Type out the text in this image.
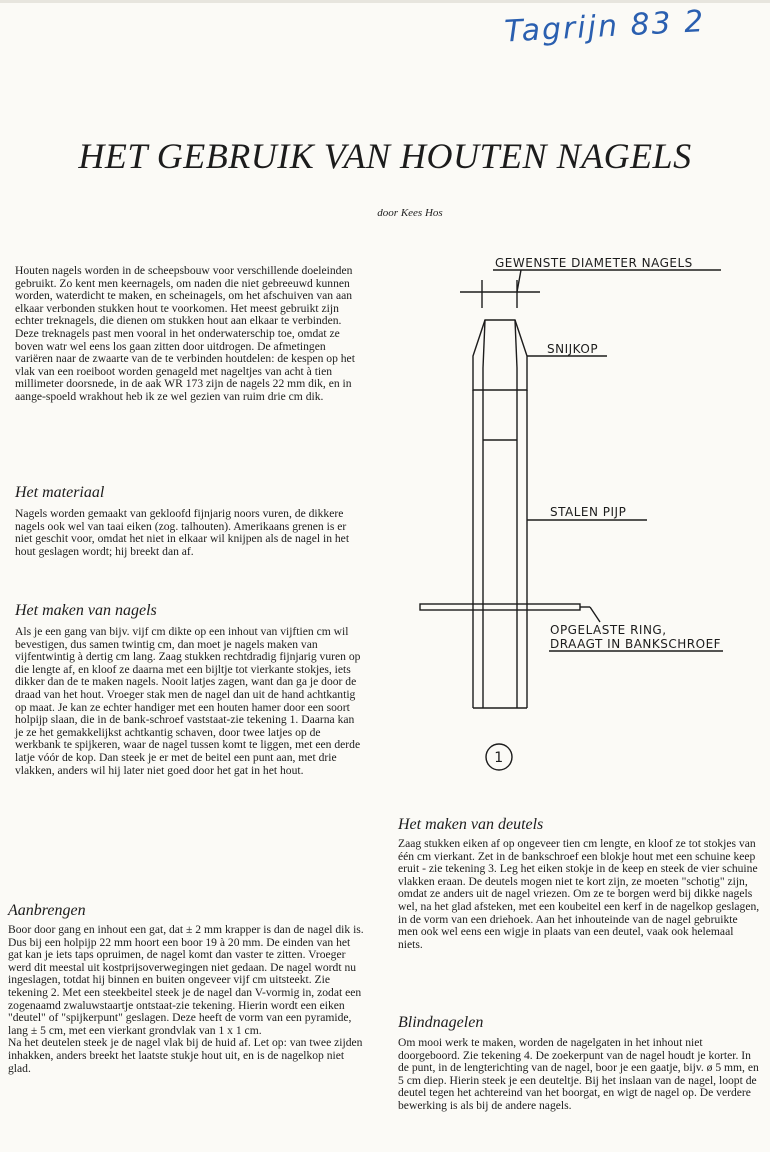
Tagrijn 83 2
HET GEBRUIK VAN HOUTEN NAGELS
door Kees Hos

Houten nagels worden in de scheepsbouw voor verschillende doeleinden gebruikt. Zo kent men keernagels, om naden die niet gebreeuwd kunnen worden, waterdicht te maken, en scheinagels, om het afschuiven van aan elkaar verbonden stukken hout te voorkomen. Het meest gebruikt zijn echter treknagels, die dienen om stukken hout aan elkaar te verbinden.
Deze treknagels past men vooral in het onderwaterschip toe, omdat ze boven watr wel eens los gaan zitten door uitdrogen. De afmetingen variëren naar de zwaarte van de te verbinden houtdelen: de kespen op het vlak van een roeiboot worden genageld met nageltjes van acht à tien millimeter doorsnede, in de aak WR 173 zijn de nagels 22 mm dik, en in aange-spoeld wrakhout heb ik ze wel gezien van ruim drie cm dik.

Het materiaal

Nagels worden gemaakt van gekloofd fijnjarig noors vuren, de dikkere nagels ook wel van taai eiken (zog. talhouten). Amerikaans grenen is er niet geschit voor, omdat het niet in elkaar wil knijpen als de nagel in het hout geslagen wordt; hij breekt dan af.

Het maken van nagels

Als je een gang van bijv. vijf cm dikte op een inhout van vijftien cm wil bevestigen, dus samen twintig cm, dan moet je nagels maken van vijfentwintig à dertig cm lang. Zaag stukken rechtdradig fijnjarig vuren op die lengte af, en kloof ze daarna met een bijltje tot vierkante stokjes, iets dikker dan de te maken nagels. Nooit latjes zagen, want dan ga je door de draad van het hout. Vroeger stak men de nagel dan uit de hand achtkantig op maat. Je kan ze echter handiger met een houten hamer door een soort holpijp slaan, die in de bank-schroef vaststaat-zie tekening 1. Daarna kan je ze het gemakkelijkst achtkantig schaven, door twee latjes op de werkbank te spijkeren, waar de nagel tussen komt te liggen, met een derde latje vóór de kop. Dan steek je er met de beitel een punt aan, met drie vlakken, anders wil hij later niet goed door het gat in het hout.

Aanbrengen

Boor door gang en inhout een gat, dat ± 2 mm krapper is dan de nagel dik is. Dus bij een holpijp 22 mm hoort een boor 19 à 20 mm. De einden van het gat kan je iets taps opruimen, de nagel komt dan vaster te zitten. Vroeger werd dit meestal uit kostprijsoverwegingen niet gedaan. De nagel wordt nu ingeslagen, totdat hij binnen en buiten ongeveer vijf cm uitsteekt. Zie tekening 2. Met een steekbeitel steek je de nagel dan V-vormig in, zodat een zogenaamd zwaluwstaartje ontstaat-zie tekening. Hierin wordt een eiken "deutel" of "spijkerpunt" geslagen. Deze heeft de vorm van een pyramide, lang ± 5 cm, met een vierkant grondvlak van 1 x 1 cm.
Na het deutelen steek je de nagel vlak bij de huid af. Let op: van twee zijden inhakken, anders breekt het laatste stukje hout uit, en is de nagelkop niet glad.

Het maken van deutels

Zaag stukken eiken af op ongeveer tien cm lengte, en kloof ze tot stokjes van één cm vierkant. Zet in de bankschroef een blokje hout met een schuine keep eruit - zie tekening 3. Leg het eiken stokje in de keep en steek de vier schuine vlakken eraan. De deutels mogen niet te kort zijn, ze moeten "schotig" zijn, omdat ze anders uit de nagel vriezen. Om ze te borgen werd bij dikke nagels wel, na het glad afsteken, met een koubeitel een kerf in de nagelkop geslagen, in de vorm van een driehoek. Aan het inhouteinde van de nagel gebruikte men ook wel eens een wigje in plaats van een deutel, vaak ook helemaal niets.

Blindnagelen

Om mooi werk te maken, worden de nagelgaten in het inhout niet doorgeboord. Zie tekening 4. De zoekerpunt van de nagel houdt je korter. In de punt, in de lengterichting van de nagel, boor je een gaatje, bijv. ø 5 mm, en 5 cm diep. Hierin steek je een deuteltje. Bij het inslaan van de nagel, loopt de deutel tegen het achtereind van het boorgat, en wigt de nagel op. De verdere bewerking is als bij de andere nagels.

GEWENSTE DIAMETER NAGELS
SNIJKOP
STALEN PIJP
OPGELASTE RING,
DRAAGT IN BANKSCHROEF
1
